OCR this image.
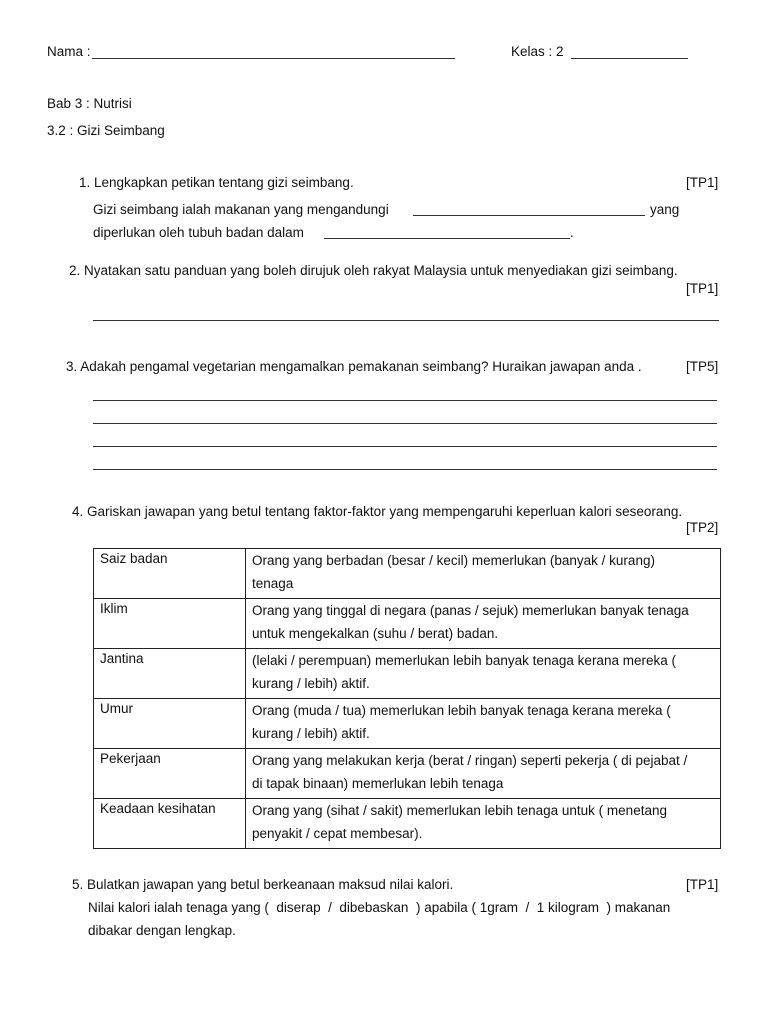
Nama :	Kelas : 2
Bab 3 : Nutrisi
3.2 : Gizi Seimbang
1. Lengkapkan petikan tentang gizi seimbang.	[TP1]
Gizi seimbang ialah makanan yang mengandungi	yang
diperlukan oleh tubuh badan dalam	.
2. Nyatakan satu panduan yang boleh dirujuk oleh rakyat Malaysia untuk menyediakan gizi seimbang.
[TP1]
3. Adakah pengamal vegetarian mengamalkan pemakanan seimbang? Huraikan jawapan anda .	[TP5]
4. Gariskan jawapan yang betul tentang faktor-faktor yang mempengaruhi keperluan kalori seseorang.
[TP2]
Saiz badan	Orang yang berbadan (besar / kecil) memerlukan (banyak / kurang)
tenaga
Iklim	Orang yang tinggal di negara (panas / sejuk) memerlukan banyak tenaga
untuk mengekalkan (suhu / berat) badan.
Jantina	(lelaki / perempuan) memerlukan lebih banyak tenaga kerana mereka (
kurang / lebih) aktif.
Umur	Orang (muda / tua) memerlukan lebih banyak tenaga kerana mereka (
kurang / lebih) aktif.
Pekerjaan	Orang yang melakukan kerja (berat / ringan) seperti pekerja ( di pejabat /
di tapak binaan) memerlukan lebih tenaga
Keadaan kesihatan	Orang yang (sihat / sakit) memerlukan lebih tenaga untuk ( menetang
penyakit / cepat membesar).
5. Bulatkan jawapan yang betul berkeanaan maksud nilai kalori.	[TP1]
Nilai kalori ialah tenaga yang (  diserap  /  dibebaskan  ) apabila ( 1gram  /  1 kilogram  ) makanan
dibakar dengan lengkap.
